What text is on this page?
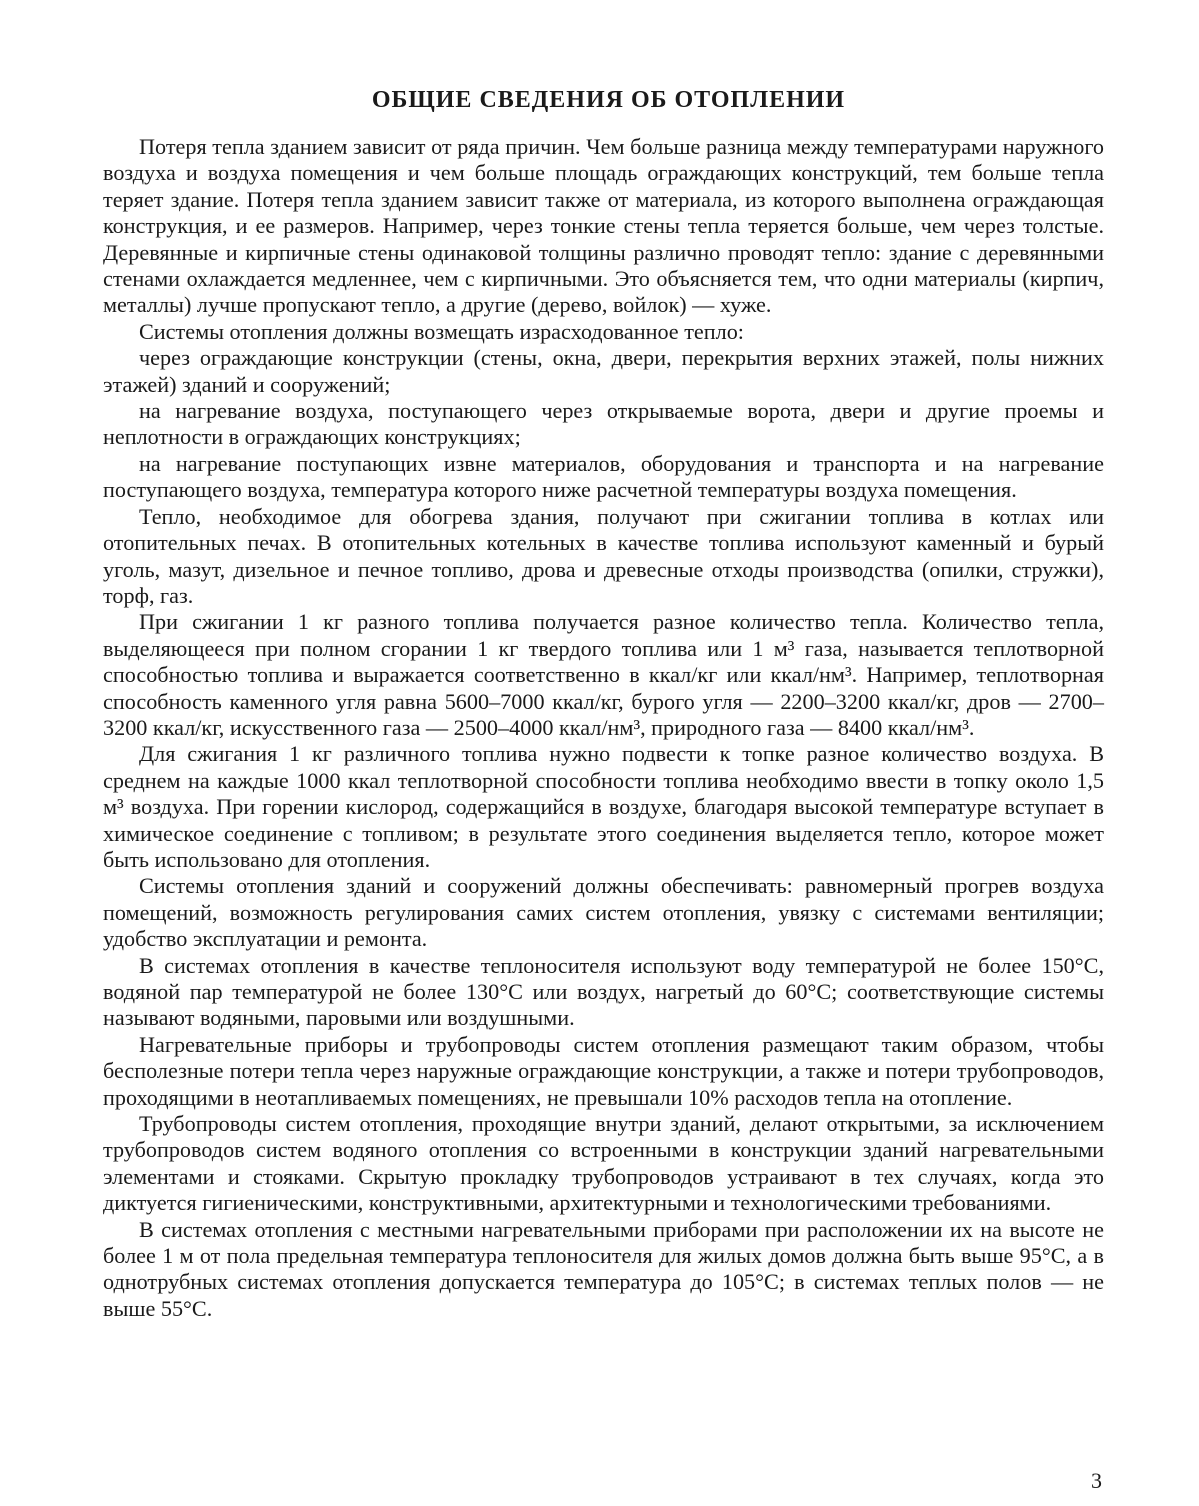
ОБЩИЕ СВЕДЕНИЯ ОБ ОТОПЛЕНИИ

Потеря тепла зданием зависит от ряда причин. Чем больше разница между температурами наружного воздуха и воздуха помещения и чем больше площадь ограждающих конструкций, тем больше тепла теряет здание. Потеря тепла зданием зависит также от материала, из которого выполнена ограждающая конструкция, и ее размеров. Например, через тонкие стены тепла теряется больше, чем через толстые. Деревянные и кирпичные стены одинаковой толщины различно проводят тепло: здание с деревянными стенами охлаждается медленнее, чем с кирпичными. Это объясняется тем, что одни материалы (кирпич, металлы) лучше пропускают тепло, а другие (дерево, войлок) — хуже.

Системы отопления должны возмещать израсходованное тепло:

через ограждающие конструкции (стены, окна, двери, перекрытия верхних этажей, полы нижних этажей) зданий и сооружений;

на нагревание воздуха, поступающего через открываемые ворота, двери и другие проемы и неплотности в ограждающих конструкциях;

на нагревание поступающих извне материалов, оборудования и транспорта и на нагревание поступающего воздуха, температура которого ниже расчетной температуры воздуха помещения.

Тепло, необходимое для обогрева здания, получают при сжигании топлива в котлах или отопительных печах. В отопительных котельных в качестве топлива используют каменный и бурый уголь, мазут, дизельное и печное топливо, дрова и древесные отходы производства (опилки, стружки), торф, газ.

При сжигании 1 кг разного топлива получается разное количество тепла. Количество тепла, выделяющееся при полном сгорании 1 кг твердого топлива или 1 м³ газа, называется теплотворной способностью топлива и выражается соответственно в ккал/кг или ккал/нм³. Например, теплотворная способность каменного угля равна 5600–7000 ккал/кг, бурого угля — 2200–3200 ккал/кг, дров — 2700–3200 ккал/кг, искусственного газа — 2500–4000 ккал/нм³, природного газа — 8400 ккал/нм³.

Для сжигания 1 кг различного топлива нужно подвести к топке разное количество воздуха. В среднем на каждые 1000 ккал теплотворной способности топлива необходимо ввести в топку около 1,5 м³ воздуха. При горении кислород, содержащийся в воздухе, благодаря высокой температуре вступает в химическое соединение с топливом; в результате этого соединения выделяется тепло, которое может быть использовано для отопления.

Системы отопления зданий и сооружений должны обеспечивать: равномерный прогрев воздуха помещений, возможность регулирования самих систем отопления, увязку с системами вентиляции; удобство эксплуатации и ремонта.

В системах отопления в качестве теплоносителя используют воду температурой не более 150°С, водяной пар температурой не более 130°С или воздух, нагретый до 60°С; соответствующие системы называют водяными, паровыми или воздушными.

Нагревательные приборы и трубопроводы систем отопления размещают таким образом, чтобы бесполезные потери тепла через наружные ограждающие конструкции, а также и потери трубопроводов, проходящими в неотапливаемых помещениях, не превышали 10% расходов тепла на отопление.

Трубопроводы систем отопления, проходящие внутри зданий, делают открытыми, за исключением трубопроводов систем водяного отопления со встроенными в конструкции зданий нагревательными элементами и стояками. Скрытую прокладку трубопроводов устраивают в тех случаях, когда это диктуется гигиеническими, конструктивными, архитектурными и технологическими требованиями.

В системах отопления с местными нагревательными приборами при расположении их на высоте не более 1 м от пола предельная температура теплоносителя для жилых домов должна быть выше 95°С, а в однотрубных системах отопления допускается температура до 105°С; в системах теплых полов — не выше 55°С.

3
